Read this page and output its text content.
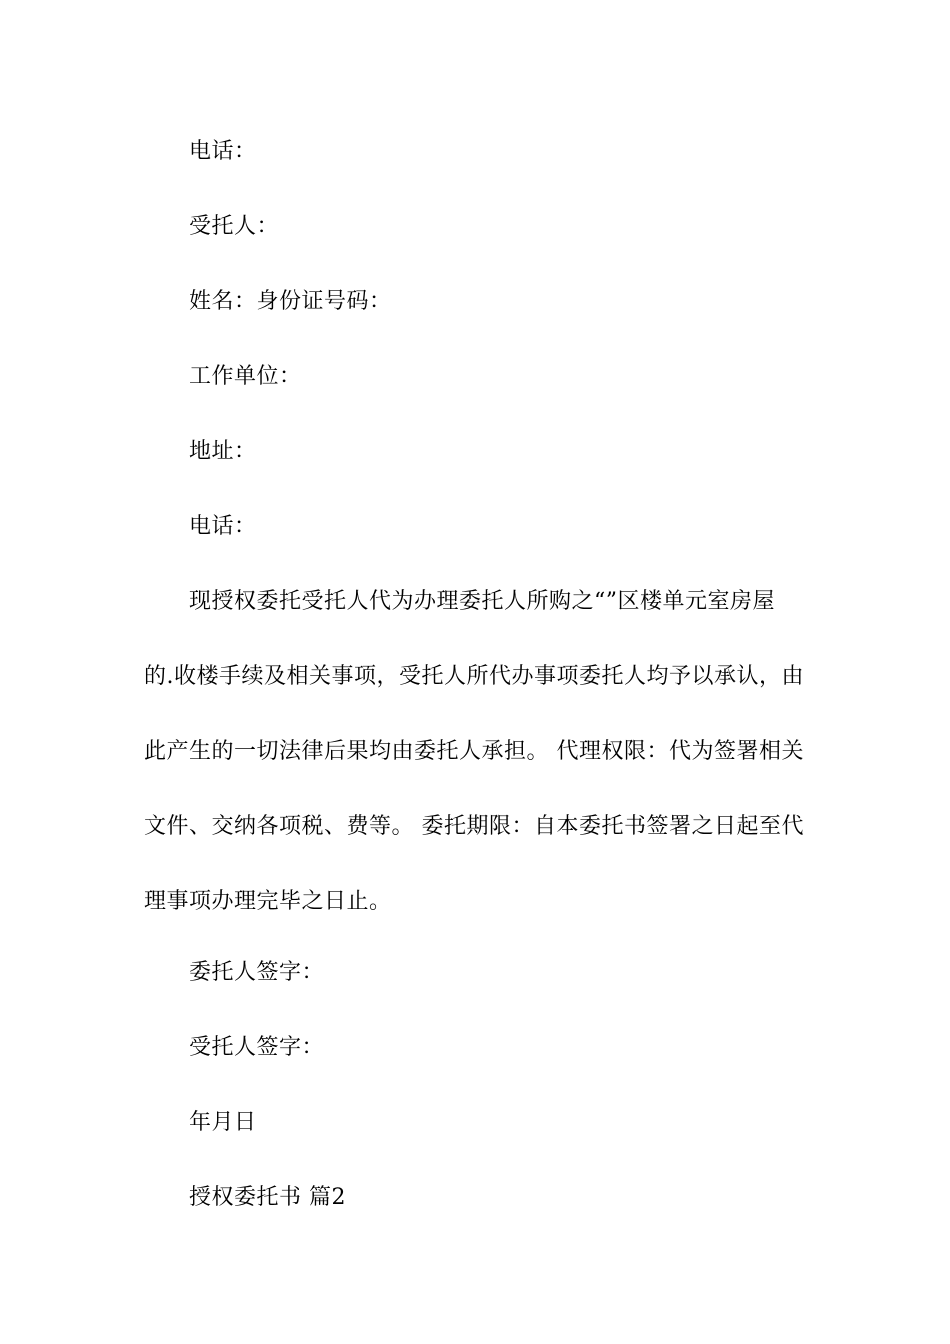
电话：
受托人：
姓名：身份证号码：
工作单位：
地址：
电话：
现授权委托受托人代为办理委托人所购之“”区楼单元室房屋
的.收楼手续及相关事项，受托人所代办事项委托人均予以承认，由
此产生的一切法律后果均由委托人承担。 代理权限：代为签署相关
文件、交纳各项税、费等。 委托期限：自本委托书签署之日起至代
理事项办理完毕之日止。
委托人签字：
受托人签字：
年月日
授权委托书 篇2
